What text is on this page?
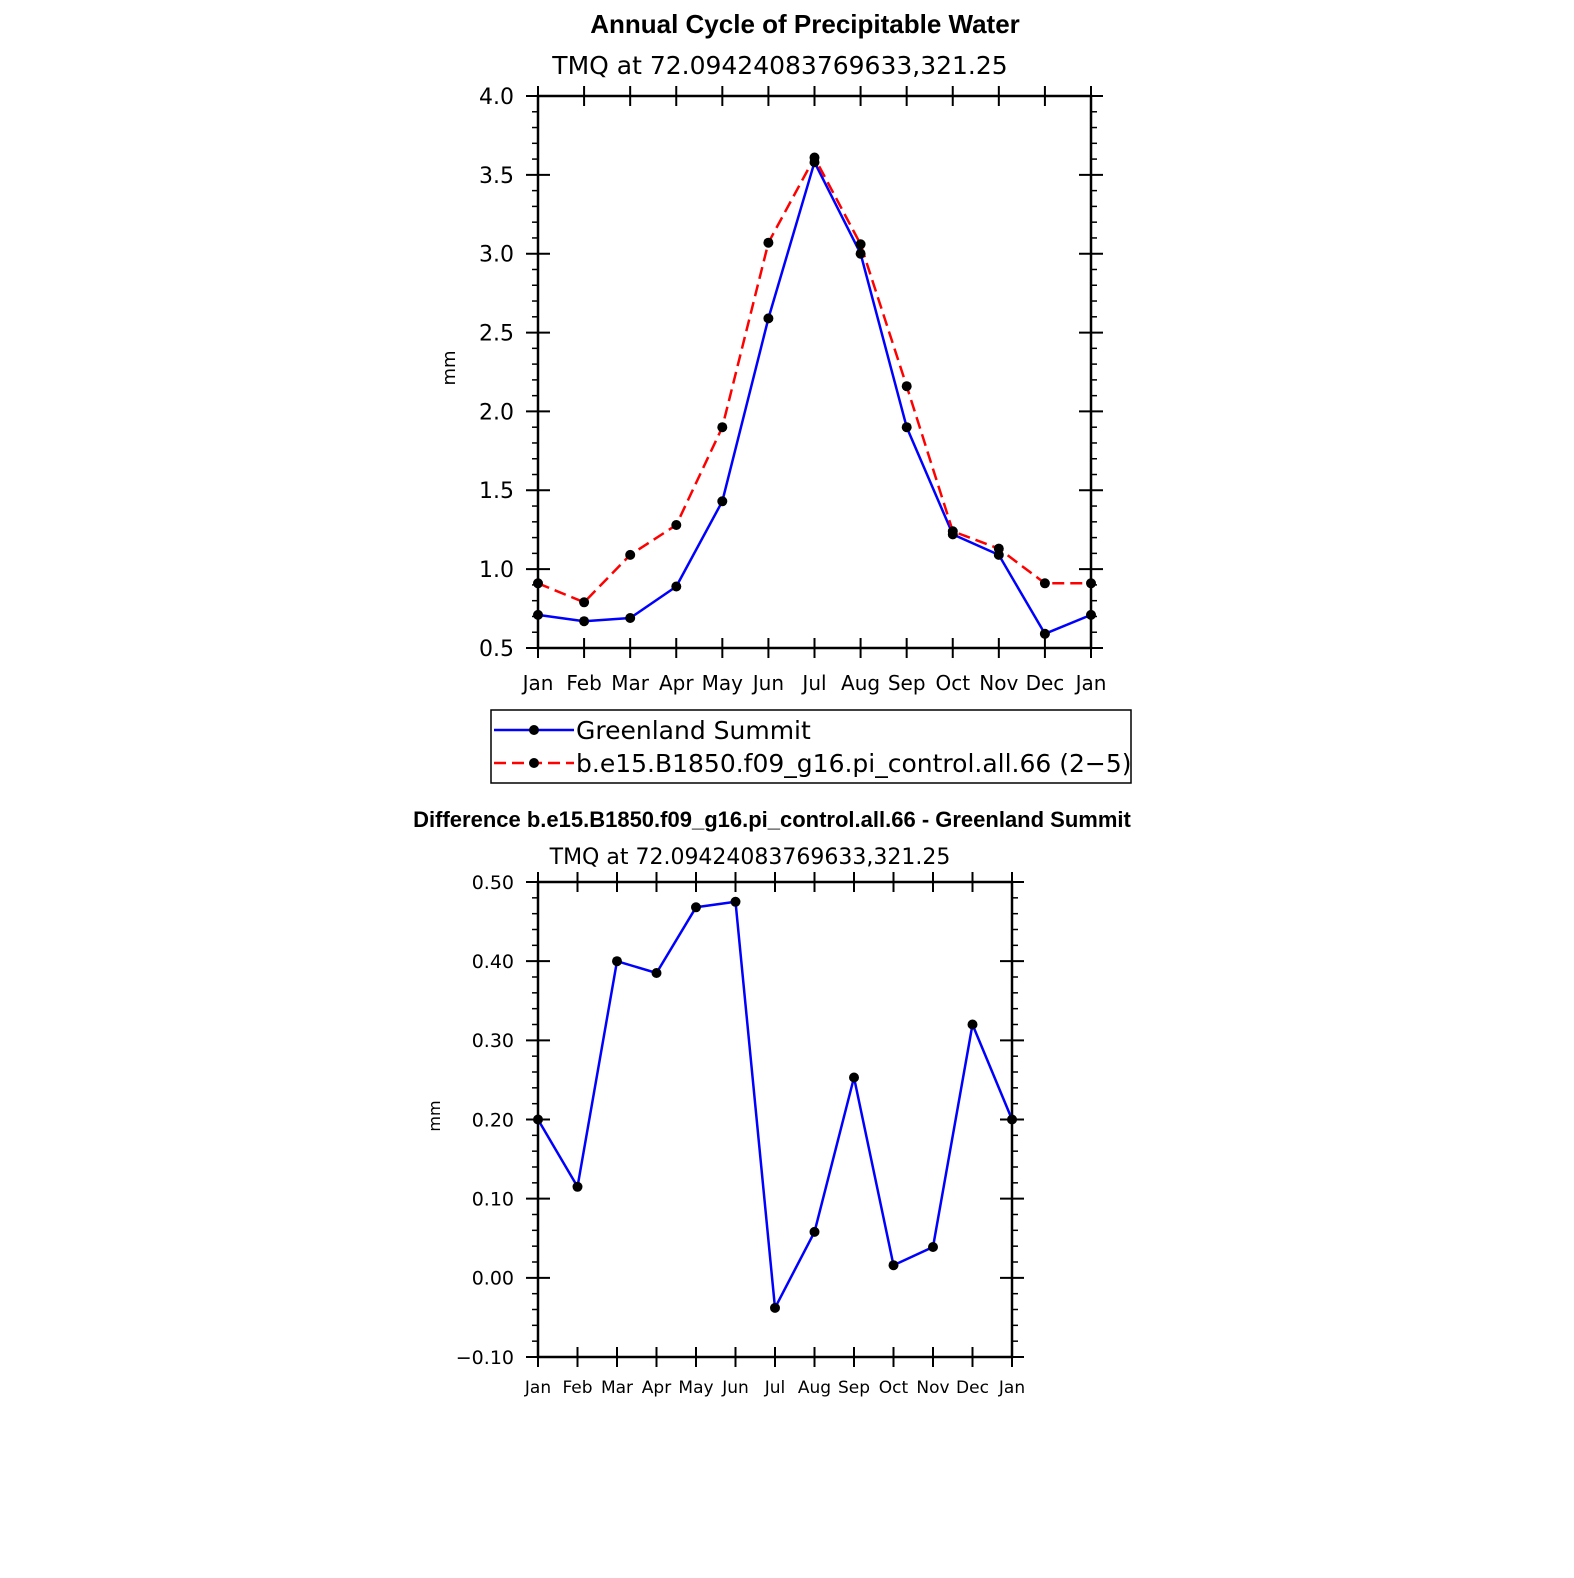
Annual Cycle of Precipitable Water
TMQ at 72.09424083769633,321.25
mm
4.0
3.5
3.0
2.5
2.0
1.5
1.0
0.5
Jan Feb Mar Apr May Jun Jul Aug Sep Oct Nov Dec Jan
Greenland Summit
b.e15.B1850.f09_g16.pi_control.all.66 (2−5)
Difference b.e15.B1850.f09_g16.pi_control.all.66 - Greenland Summit
TMQ at 72.09424083769633,321.25
mm
0.50
0.40
0.30
0.20
0.10
0.00
−0.10
Jan Feb Mar Apr May Jun Jul Aug Sep Oct Nov Dec Jan
